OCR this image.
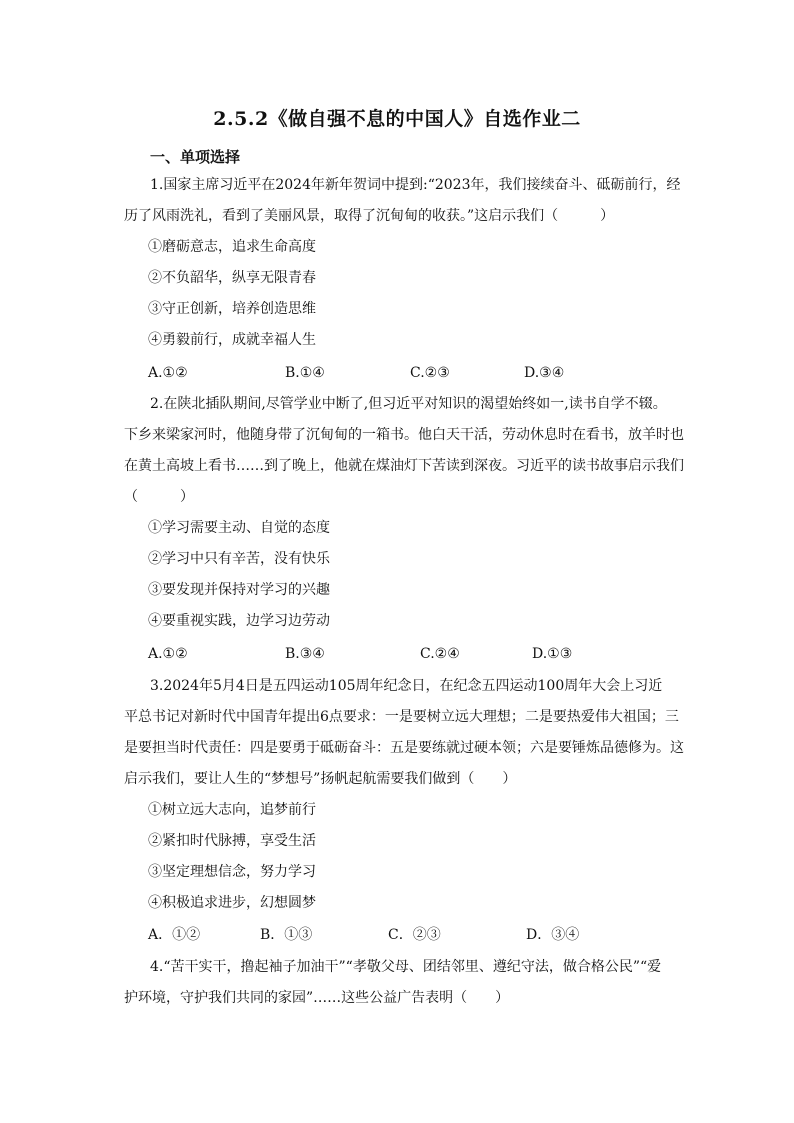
2.5.2《做自强不息的中国人》自选作业二
一、单项选择
1.国家主席习近平在2024年新年贺词中提到:“2023年，我们接续奋斗、砥砺前行，经
历了风雨洗礼，看到了美丽风景，取得了沉甸甸的收获。”这启示我们（　　　）
①磨砺意志，追求生命高度
②不负韶华，纵享无限青春
③守正创新，培养创造思维
④勇毅前行，成就幸福人生
A.①②	B.①④	C.②③	D.③④
2.在陕北插队期间,尽管学业中断了,但习近平对知识的渴望始终如一,读书自学不辍。
下乡来梁家河时，他随身带了沉甸甸的一箱书。他白天干活，劳动休息时在看书，放羊时也
在黄土高坡上看书……到了晚上，他就在煤油灯下苦读到深夜。习近平的读书故事启示我们
（　　　）
①学习需要主动、自觉的态度
②学习中只有辛苦，没有快乐
③要发现并保持对学习的兴趣
④要重视实践，边学习边劳动
A.①②	B.③④	C.②④	D.①③
3.2024年5月4日是五四运动105周年纪念日，在纪念五四运动100周年大会上习近
平总书记对新时代中国青年提出6点要求：一是要树立远大理想；二是要热爱伟大祖国；三
是要担当时代责任：四是要勇于砥砺奋斗：五是要练就过硬本领；六是要锤炼品德修为。这
启示我们，要让人生的“梦想号”扬帆起航需要我们做到（　　）
①树立远大志向，追梦前行
②紧扣时代脉搏，享受生活
③坚定理想信念，努力学习
④积极追求进步，幻想圆梦
A．①②	B．①③	C．②③	D．③④
4.“苦干实干，撸起袖子加油干”“孝敬父母、团结邻里、遵纪守法，做合格公民”“爱
护环境，守护我们共同的家园”……这些公益广告表明（　　）
